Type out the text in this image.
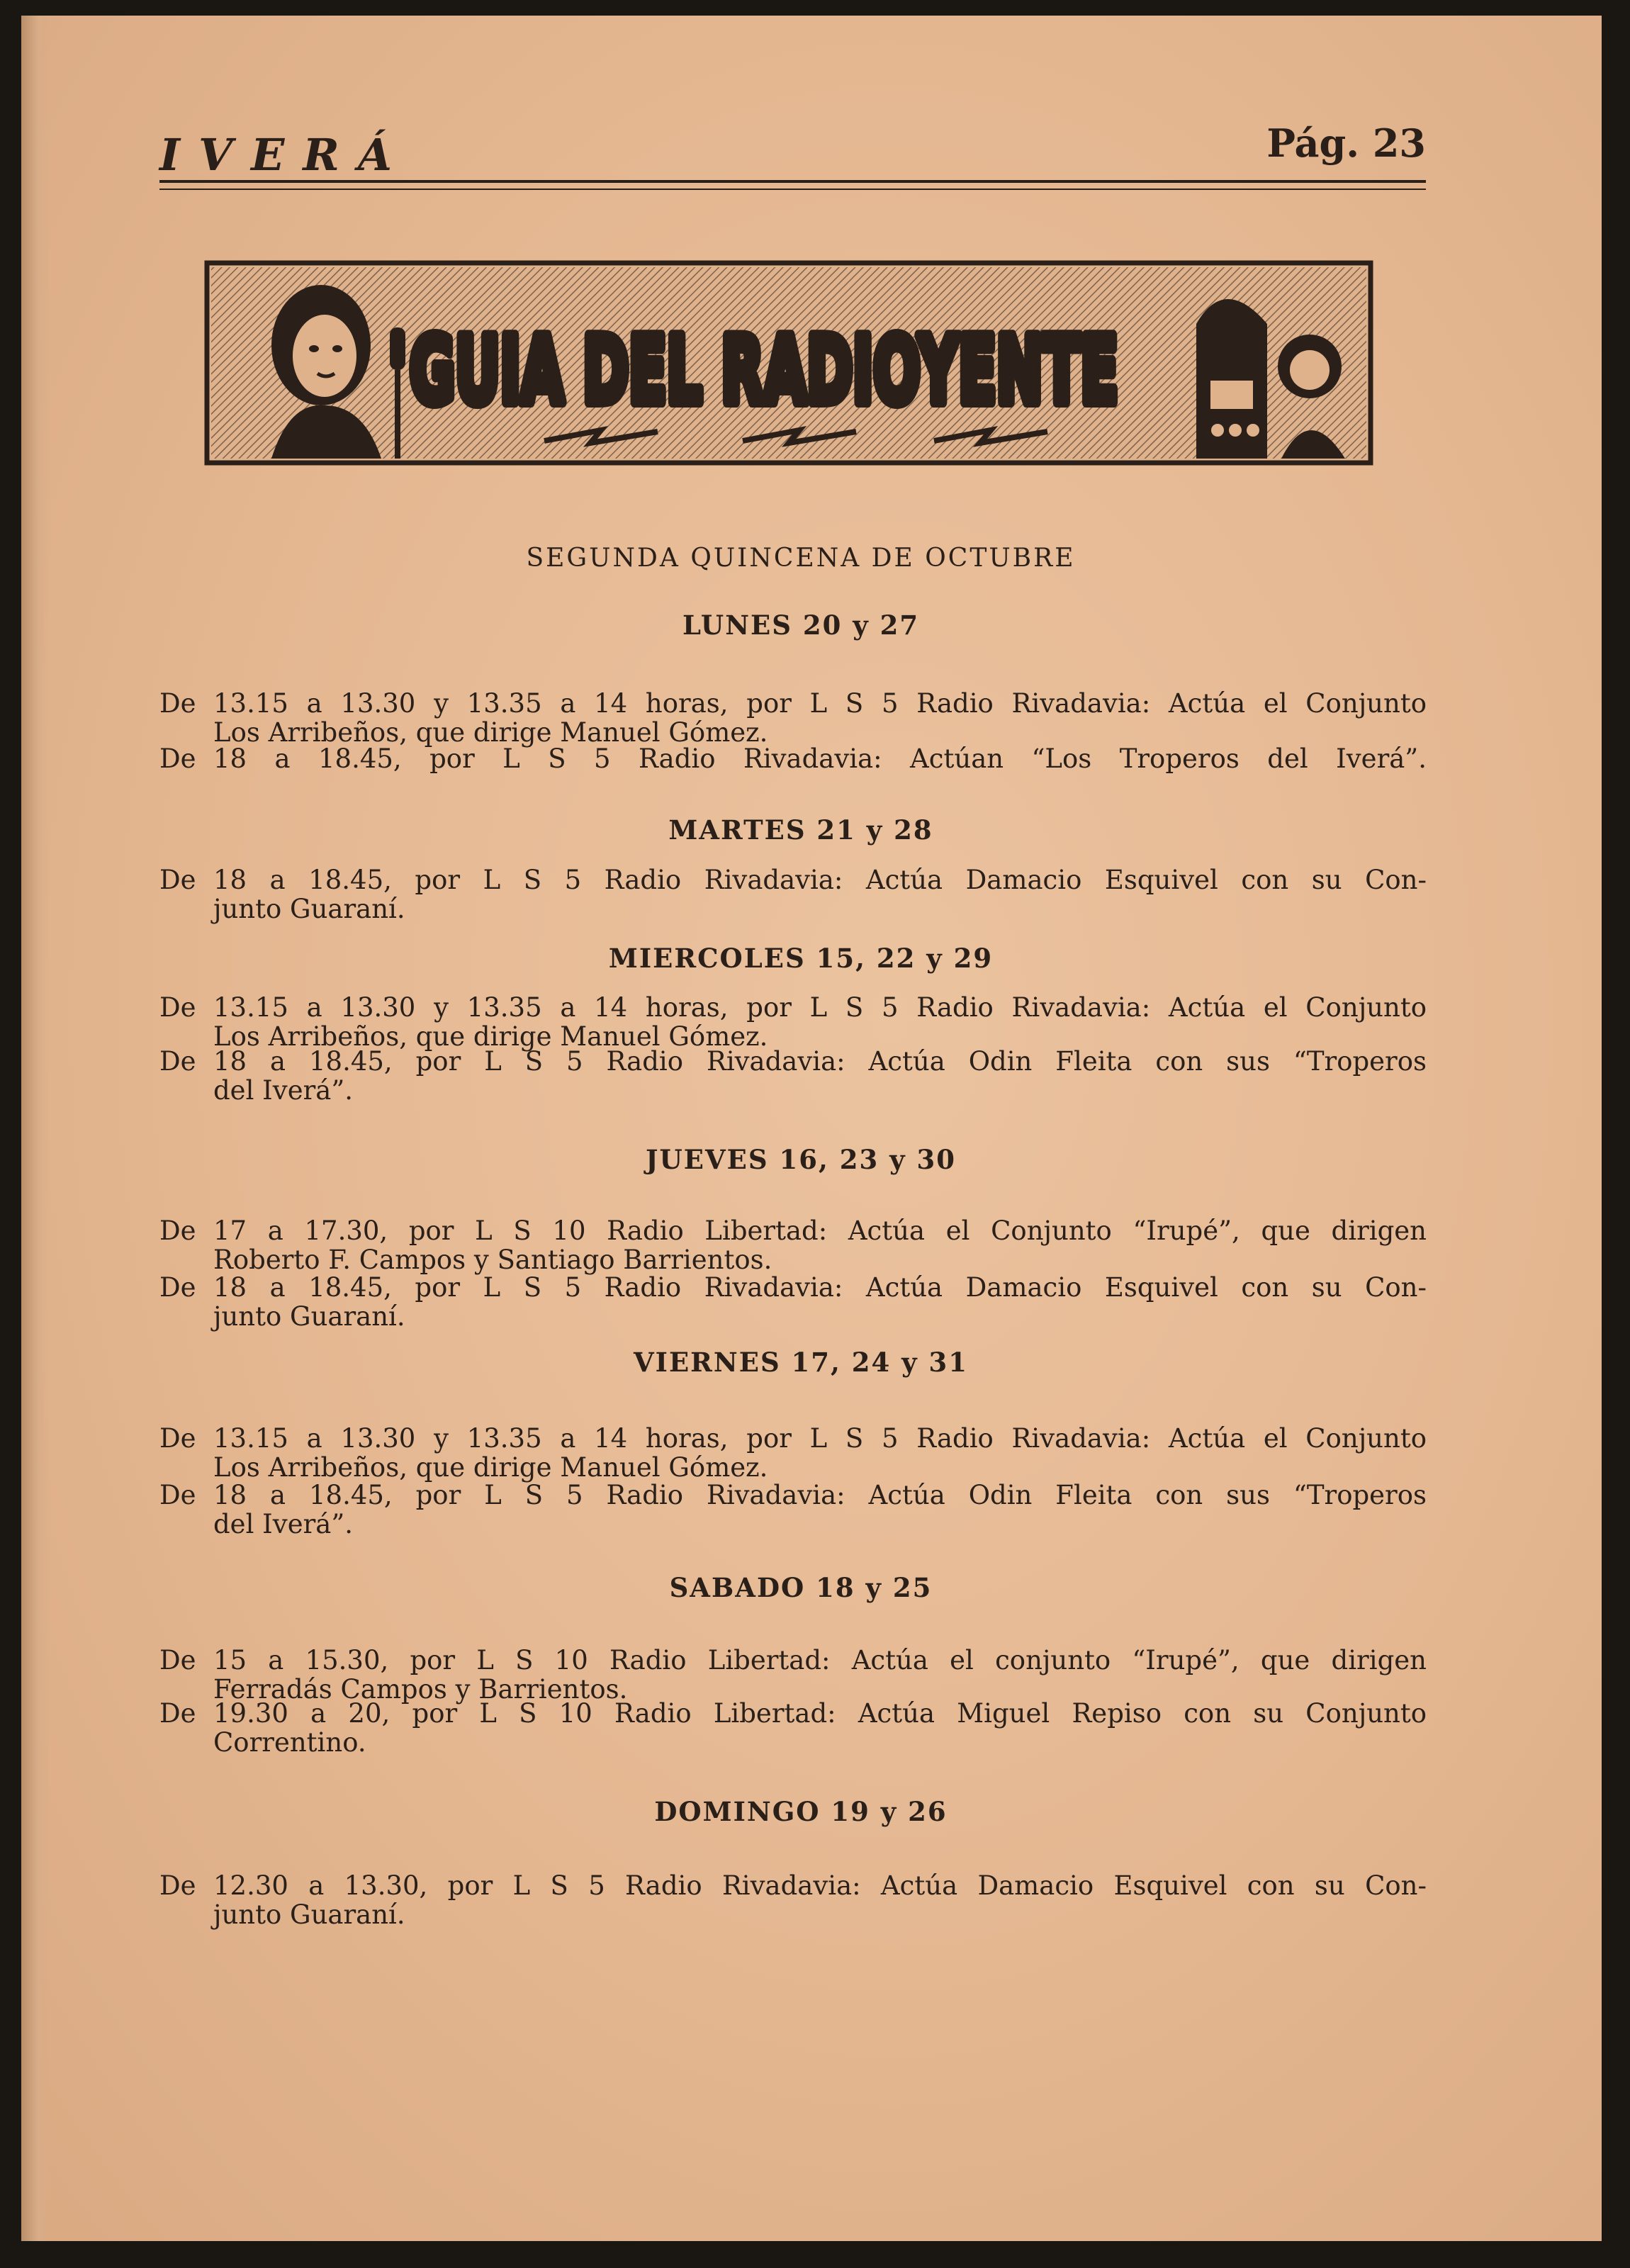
IVERÁ	Pág. 23
GUIA DEL RADIOYENTE
GUIA DEL RADIOYENTE
SEGUNDA QUINCENA DE OCTUBRE
LUNES 20 y 27
De 13.15 a 13.30 y 13.35 a 14 horas, por L S 5 Radio Rivadavia: Actúa el Conjunto
Los Arribeños, que dirige Manuel Gómez.
De 18 a 18.45, por L S 5 Radio Rivadavia: Actúan “Los Troperos del Iverá”.
MARTES 21 y 28
De 18 a 18.45, por L S 5 Radio Rivadavia: Actúa Damacio Esquivel con su Con-
junto Guaraní.
MIERCOLES 15, 22 y 29
De 13.15 a 13.30 y 13.35 a 14 horas, por L S 5 Radio Rivadavia: Actúa el Conjunto
Los Arribeños, que dirige Manuel Gómez.
De 18 a 18.45, por L S 5 Radio Rivadavia: Actúa Odin Fleita con sus “Troperos
del Iverá”.
JUEVES 16, 23 y 30
De 17 a 17.30, por L S 10 Radio Libertad: Actúa el Conjunto “Irupé”, que dirigen
Roberto F. Campos y Santiago Barrientos.
De 18 a 18.45, por L S 5 Radio Rivadavia: Actúa Damacio Esquivel con su Con-
junto Guaraní.
VIERNES 17, 24 y 31
De 13.15 a 13.30 y 13.35 a 14 horas, por L S 5 Radio Rivadavia: Actúa el Conjunto
Los Arribeños, que dirige Manuel Gómez.
De 18 a 18.45, por L S 5 Radio Rivadavia: Actúa Odin Fleita con sus “Troperos
del Iverá”.
SABADO 18 y 25
De 15 a 15.30, por L S 10 Radio Libertad: Actúa el conjunto “Irupé”, que dirigen
Ferradás Campos y Barrientos.
De 19.30 a 20, por L S 10 Radio Libertad: Actúa Miguel Repiso con su Conjunto
Correntino.
DOMINGO 19 y 26
De 12.30 a 13.30, por L S 5 Radio Rivadavia: Actúa Damacio Esquivel con su Con-
junto Guaraní.
